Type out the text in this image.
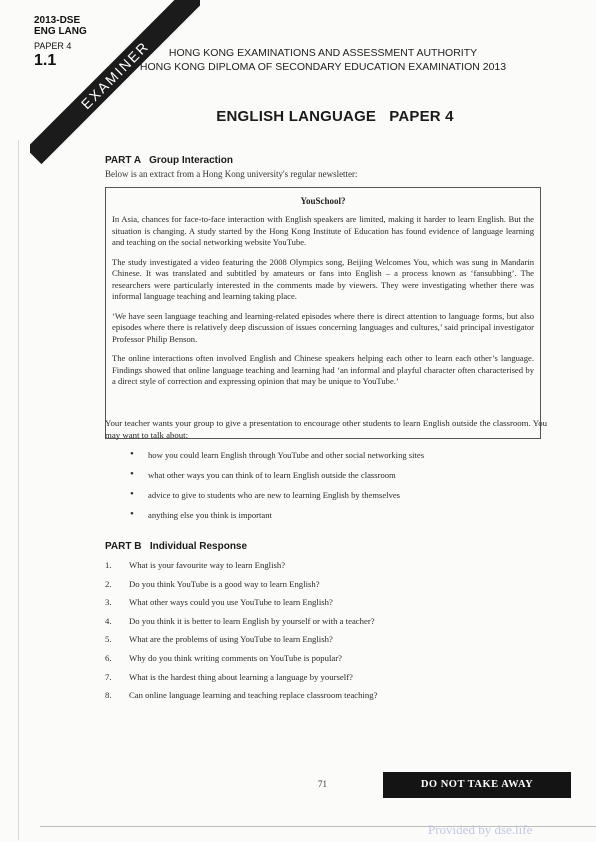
EXAMINER
2013-DSE
ENG LANG
PAPER 4
1.1	HONG KONG EXAMINATIONS AND ASSESSMENT AUTHORITY
HONG KONG DIPLOMA OF SECONDARY EDUCATION EXAMINATION 2013
ENGLISH LANGUAGE   PAPER 4
PART A   Group Interaction
Below is an extract from a Hong Kong university's regular newsletter:
YouSchool?

In Asia, chances for face-to-face interaction with English speakers are limited, making it harder to learn English. But the situation is changing. A study started by the Hong Kong Institute of Education has found evidence of language learning and teaching on the social networking website YouTube.

The study investigated a video featuring the 2008 Olympics song, Beijing Welcomes You, which was sung in Mandarin Chinese. It was translated and subtitled by amateurs or fans into English – a process known as ‘fansubbing’. The researchers were particularly interested in the comments made by viewers. They were investigating whether there was informal language teaching and learning taking place.

‘We have seen language teaching and learning-related episodes where there is direct attention to language forms, but also episodes where there is relatively deep discussion of issues concerning languages and cultures,’ said principal investigator Professor Philip Benson.

The online interactions often involved English and Chinese speakers helping each other to learn each other’s language. Findings showed that online language teaching and learning had ‘an informal and playful character often characterised by a direct style of correction and expressing opinion that may be unique to YouTube.’

Your teacher wants your group to give a presentation to encourage other students to learn English outside the classroom. You may want to talk about:
• how you could learn English through YouTube and other social networking sites
• what other ways you can think of to learn English outside the classroom
• advice to give to students who are new to learning English by themselves
• anything else you think is important
PART B   Individual Response
1. What is your favourite way to learn English?
2. Do you think YouTube is a good way to learn English?
3. What other ways could you use YouTube to learn English?
4. Do you think it is better to learn English by yourself or with a teacher?
5. What are the problems of using YouTube to learn English?
6. Why do you think writing comments on YouTube is popular?
7. What is the hardest thing about learning a language by yourself?
8. Can online language learning and teaching replace classroom teaching?
71	DO NOT TAKE AWAY
Provided by dse.life
